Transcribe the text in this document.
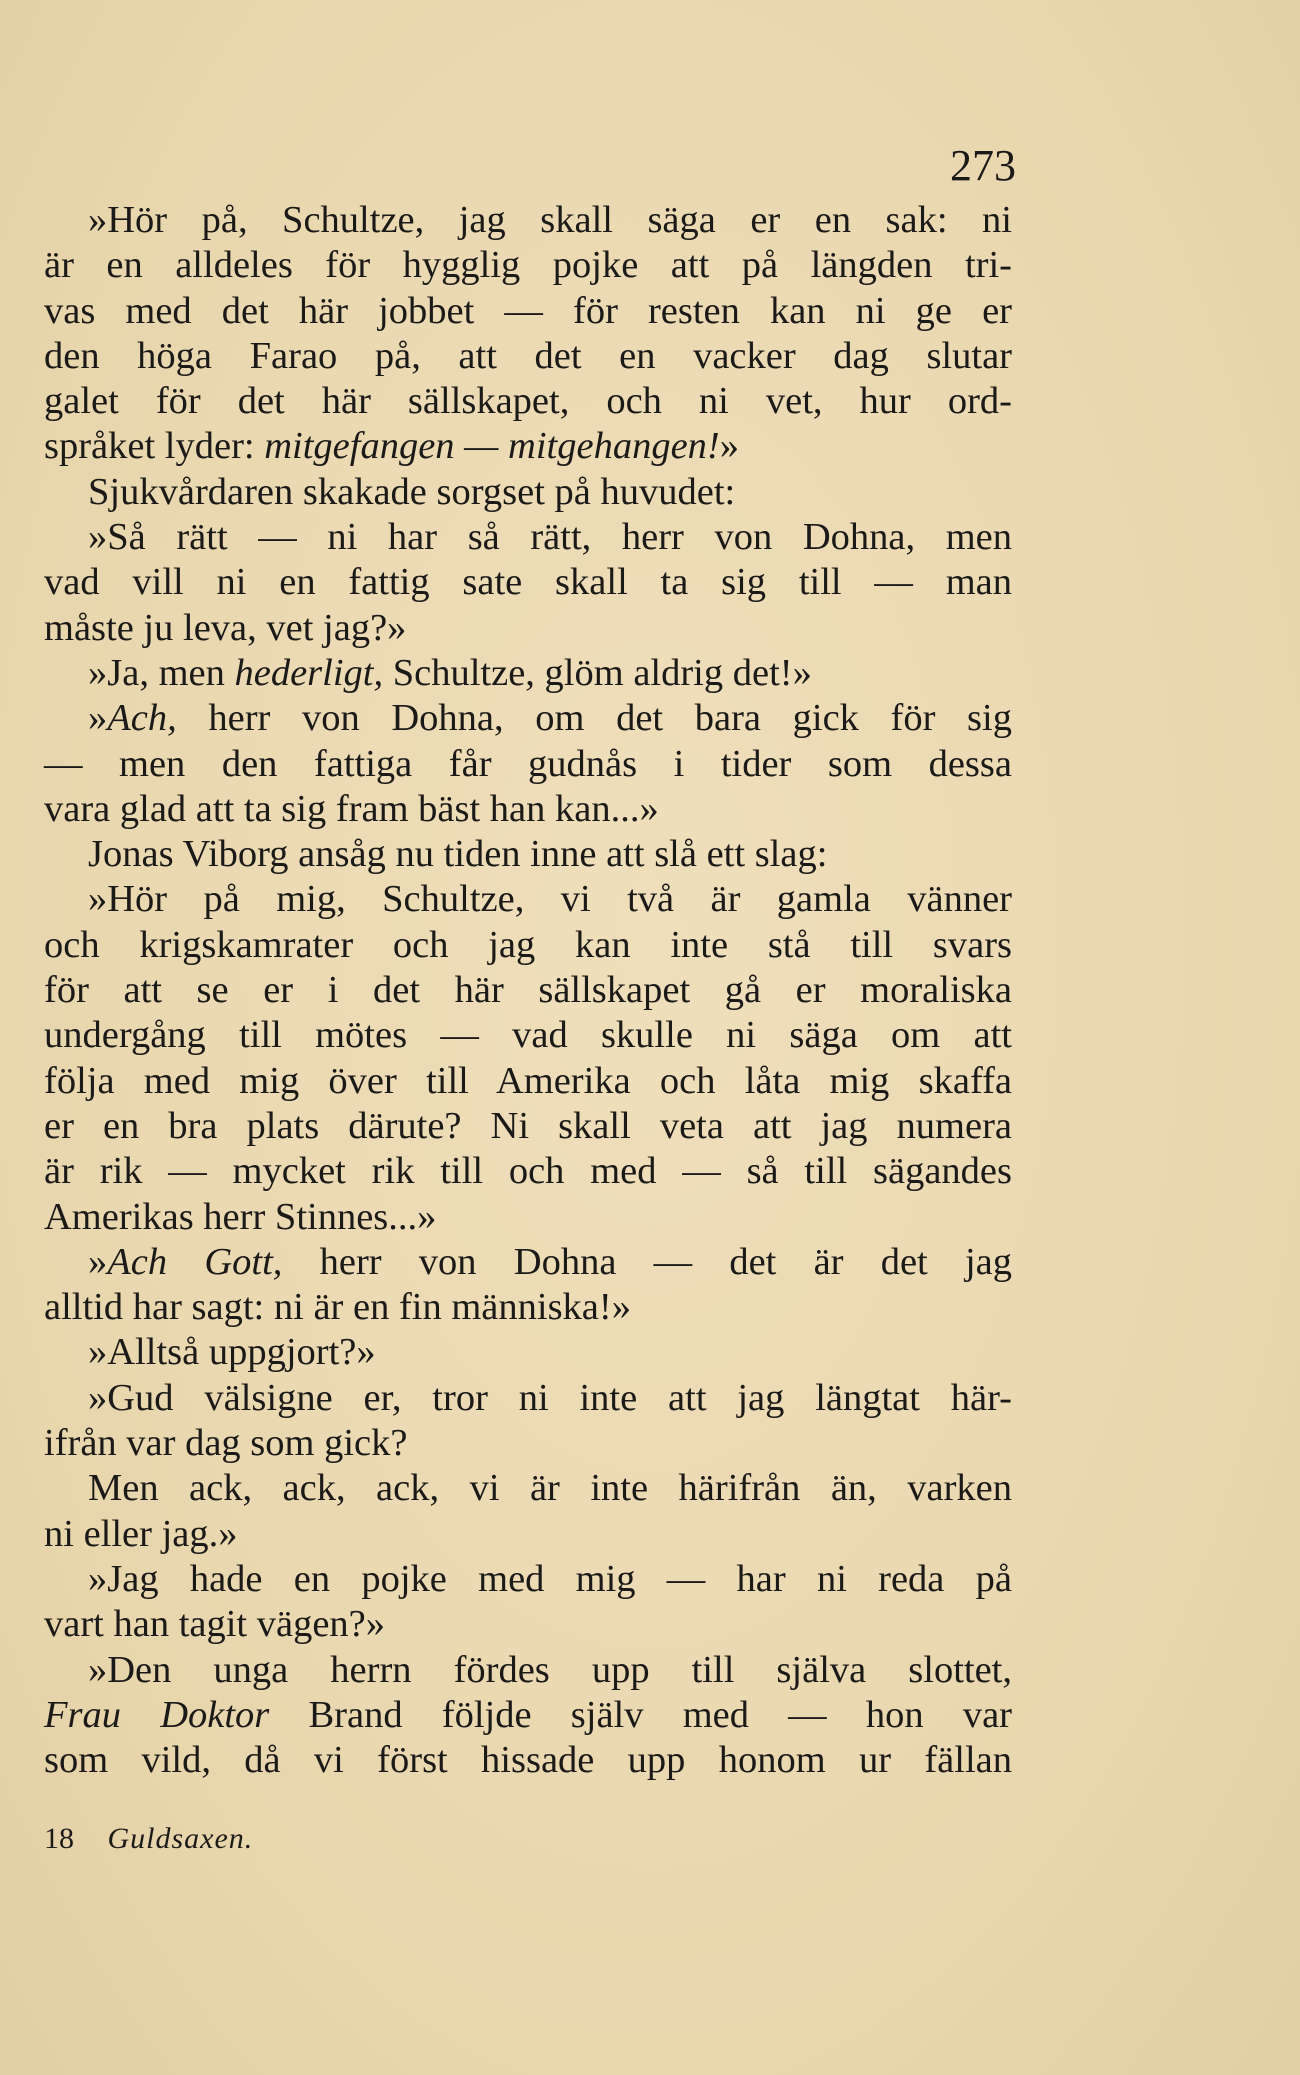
273
»Hör på, Schultze, jag skall säga er en sak: ni
är en alldeles för hygglig pojke att på längden tri-
vas med det här jobbet — för resten kan ni ge er
den höga Farao på, att det en vacker dag slutar
galet för det här sällskapet, och ni vet, hur ord-
språket lyder: mitgefangen — mitgehangen!»
Sjukvårdaren skakade sorgset på huvudet:
»Så rätt — ni har så rätt, herr von Dohna, men
vad vill ni en fattig sate skall ta sig till — man
måste ju leva, vet jag?»
»Ja, men hederligt, Schultze, glöm aldrig det!»
»Ach, herr von Dohna, om det bara gick för sig
— men den fattiga får gudnås i tider som dessa
vara glad att ta sig fram bäst han kan...»
Jonas Viborg ansåg nu tiden inne att slå ett slag:
»Hör på mig, Schultze, vi två är gamla vänner
och krigskamrater och jag kan inte stå till svars
för att se er i det här sällskapet gå er moraliska
undergång till mötes — vad skulle ni säga om att
följa med mig över till Amerika och låta mig skaffa
er en bra plats därute? Ni skall veta att jag numera
är rik — mycket rik till och med — så till sägandes
Amerikas herr Stinnes...»
»Ach Gott, herr von Dohna — det är det jag
alltid har sagt: ni är en fin människa!»
»Alltså uppgjort?»
»Gud välsigne er, tror ni inte att jag längtat här-
ifrån var dag som gick?
Men ack, ack, ack, vi är inte härifrån än, varken
ni eller jag.»
»Jag hade en pojke med mig — har ni reda på
vart han tagit vägen?»
»Den unga herrn fördes upp till själva slottet,
Frau Doktor Brand följde själv med — hon var
som vild, då vi först hissade upp honom ur fällan
18 Guldsaxen.
